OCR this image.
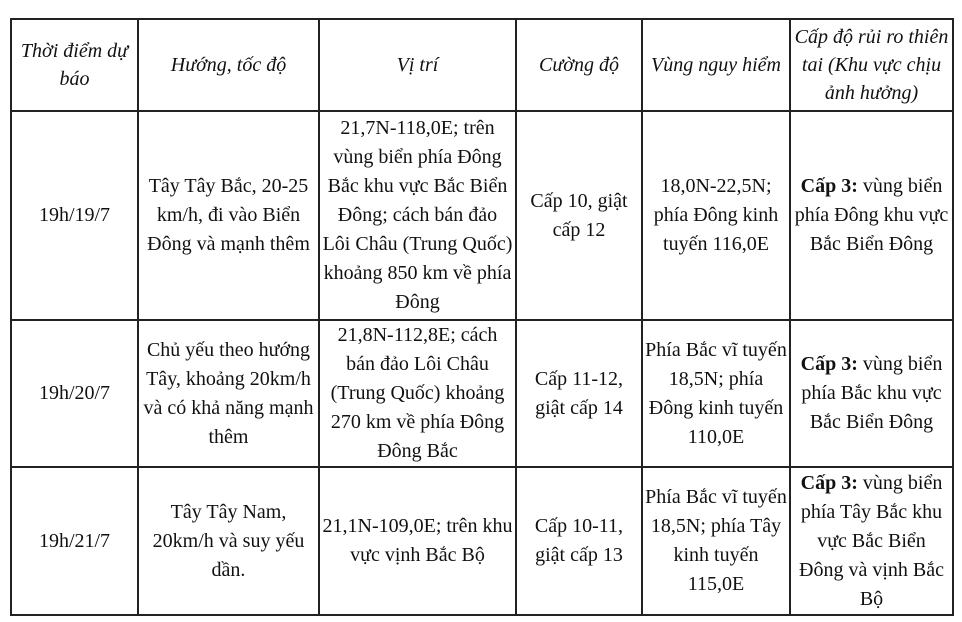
Thời điểm dự báo	Hướng, tốc độ	Vị trí	Cường độ	Vùng nguy hiểm	Cấp độ rủi ro thiên tai (Khu vực chịu ảnh hưởng)
19h/19/7	Tây Tây Bắc, 20-25 km/h, đi vào Biển Đông và mạnh thêm	21,7N-118,0E; trên vùng biển phía Đông Bắc khu vực Bắc Biển Đông; cách bán đảo Lôi Châu (Trung Quốc) khoảng 850 km về phía Đông	Cấp 10, giật cấp 12	18,0N-22,5N; phía Đông kinh tuyến 116,0E	Cấp 3: vùng biển phía Đông khu vực Bắc Biển Đông
19h/20/7	Chủ yếu theo hướng Tây, khoảng 20km/h và có khả năng mạnh thêm	21,8N-112,8E; cách bán đảo Lôi Châu (Trung Quốc) khoảng 270 km về phía Đông Đông Bắc	Cấp 11-12, giật cấp 14	Phía Bắc vĩ tuyến 18,5N; phía Đông kinh tuyến 110,0E	Cấp 3: vùng biển phía Bắc khu vực Bắc Biển Đông
19h/21/7	Tây Tây Nam, 20km/h và suy yếu dần.	21,1N-109,0E; trên khu vực vịnh Bắc Bộ	Cấp 10-11, giật cấp 13	Phía Bắc vĩ tuyến 18,5N; phía Tây kinh tuyến 115,0E	Cấp 3: vùng biển phía Tây Bắc khu vực Bắc Biển Đông và vịnh Bắc Bộ
